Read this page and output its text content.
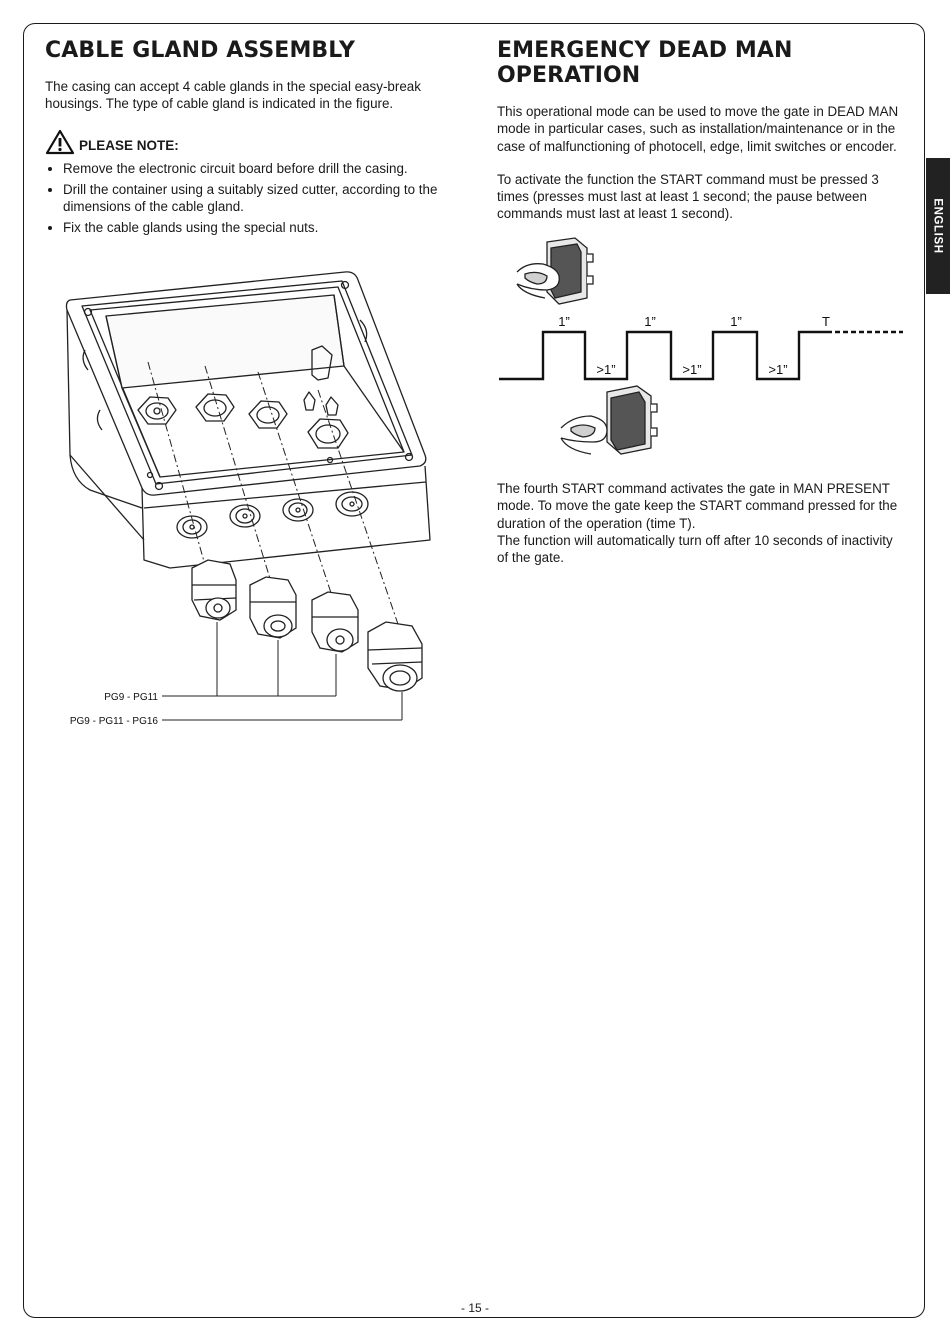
ENGLISH
CABLE GLAND ASSEMBLY

The casing can accept 4 cable glands in the special easy-break housings. The type of cable gland is indicated in the figure.

PLEASE NOTE:
• Remove the electronic circuit board before drill the casing.
• Drill the container using a suitably sized cutter, according to the dimensions of the cable gland.
• Fix the cable glands using the special nuts.
PG9 - PG11
PG9 - PG11 - PG16
EMERGENCY DEAD MAN OPERATION

This operational mode can be used to move the gate in DEAD MAN mode in particular cases, such as installation/maintenance or in the case of malfunctioning of photocell, edge, limit switches or encoder.

To activate the function the START command must be pressed 3 times (presses must last at least 1 second; the pause between commands must last at least 1 second).

1”	1”	1”	T
>1”	>1”	>1”

The fourth START command activates the gate in MAN PRESENT mode. To move the gate keep the START command pressed for the duration of the operation (time T).

The function will automatically turn off after 10 seconds of inactivity of the gate.

- 15 -
